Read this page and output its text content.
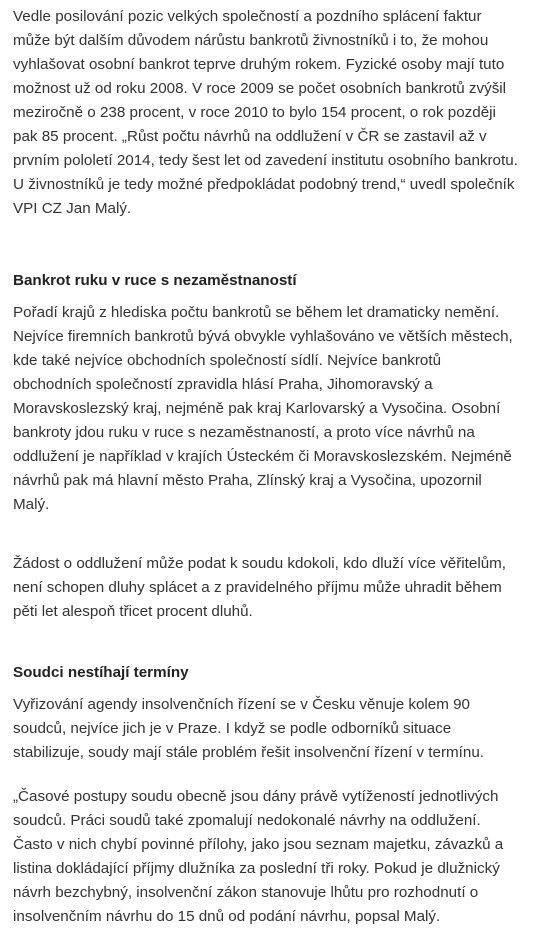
Vedle posilování pozic velkých společností a pozdního splácení faktur
může být dalším důvodem nárůstu bankrotů živnostníků i to, že mohou
vyhlašovat osobní bankrot teprve druhým rokem. Fyzické osoby mají tuto
možnost už od roku 2008. V roce 2009 se počet osobních bankrotů zvýšil
meziročně o 238 procent, v roce 2010 to bylo 154 procent, o rok později
pak 85 procent. „Růst počtu návrhů na oddlužení v ČR se zastavil až v
prvním pololetí 2014, tedy šest let od zavedení institutu osobního bankrotu.
U živnostníků je tedy možné předpokládat podobný trend,“ uvedl společník
VPI CZ Jan Malý.

Bankrot ruku v ruce s nezaměstnaností

Pořadí krajů z hlediska počtu bankrotů se během let dramaticky nemění.
Nejvíce firemních bankrotů bývá obvykle vyhlašováno ve větších městech,
kde také nejvíce obchodních společností sídlí. Nejvíce bankrotů
obchodních společností zpravidla hlásí Praha, Jihomoravský a
Moravskoslezský kraj, nejméně pak kraj Karlovarský a Vysočina. Osobní
bankroty jdou ruku v ruce s nezaměstnaností, a proto více návrhů na
oddlužení je například v krajích Ústeckém či Moravskoslezském. Nejméně
návrhů pak má hlavní město Praha, Zlínský kraj a Vysočina, upozornil
Malý.

Žádost o oddlužení může podat k soudu kdokoli, kdo dluží více věřitelům,
není schopen dluhy splácet a z pravidelného příjmu může uhradit během
pěti let alespoň třicet procent dluhů.

Soudci nestíhají termíny

Vyřizování agendy insolvenčních řízení se v Česku věnuje kolem 90
soudců, nejvíce jich je v Praze. I když se podle odborníků situace
stabilizuje, soudy mají stále problém řešit insolvenční řízení v termínu.

„Časové postupy soudu obecně jsou dány právě vytížeností jednotlivých
soudců. Práci soudů také zpomalují nedokonalé návrhy na oddlužení.
Často v nich chybí povinné přílohy, jako jsou seznam majetku, závazků a
listina dokládající příjmy dlužníka za poslední tři roky. Pokud je dlužnický
návrh bezchybný, insolvenční zákon stanovuje lhůtu pro rozhodnutí o
insolvenčním návrhu do 15 dnů od podání návrhu, popsal Malý.
